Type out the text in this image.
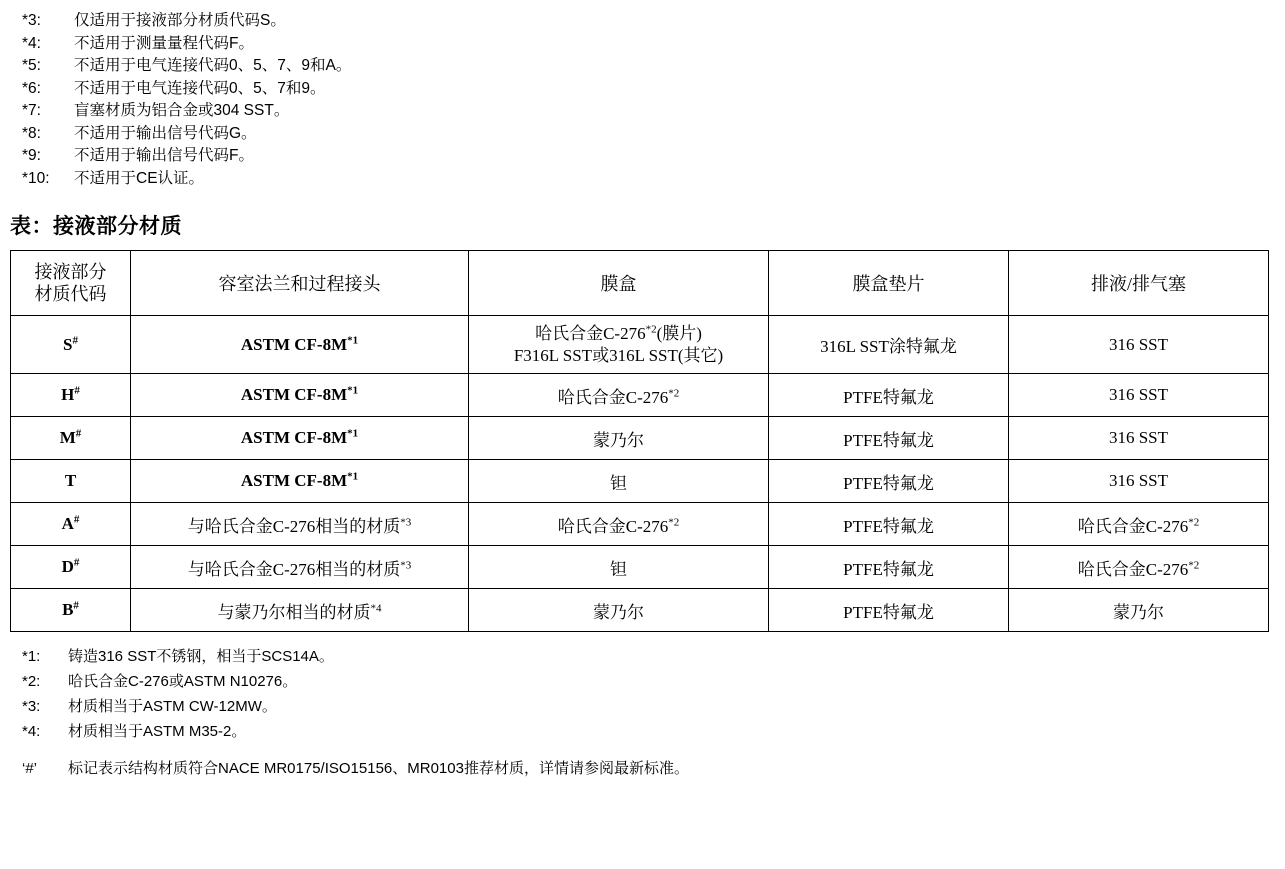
*3:	仅适用于接液部分材质代码S。
*4:	不适用于测量量程代码F。
*5:	不适用于电气连接代码0、5、7、9和A。
*6:	不适用于电气连接代码0、5、7和9。
*7:	盲塞材质为铝合金或304 SST。
*8:	不适用于输出信号代码G。
*9:	不适用于输出信号代码F。
*10:	不适用于CE认证。
表：接液部分材质
接液部分
材质代码	容室法兰和过程接头	膜盒	膜盒垫片	排液/排气塞
S#	ASTM $CF-8M^{*1}$	哈氏合金C-276$^{*2}$(膜片)
F316L SST或316L SST(其它)	316L SST涂特氟龙	316 SST
H#	ASTM $CF-8M^{*1}$	哈氏合金C-276$^{*2}$	PTFE特氟龙	316 SST
M#	ASTM $CF-8M^{*1}$	蒙乃尔	PTFE特氟龙	316 SST
T	ASTM $CF-8M^{*1}$	钽	PTFE特氟龙	316 SST
A#	与哈氏合金C-276相当的材质$^{*3}$	哈氏合金C-276$^{*2}$	PTFE特氟龙	哈氏合金C-276$^{*2}$
D#	与哈氏合金C-276相当的材质$^{*3}$	钽	PTFE特氟龙	哈氏合金C-276$^{*2}$
B#	与蒙乃尔相当的材质$^{*4}$	蒙乃尔	PTFE特氟龙	蒙乃尔
*1:	铸造316 SST不锈钢，相当于SCS14A。
*2:	哈氏合金C-276或ASTM N10276。
*3:	材质相当于ASTM CW-12MW。
*4:	材质相当于ASTM M35-2。
‘#’	标记表示结构材质符合NACE MR0175/ISO15156、MR0103推荐材质，详情请参阅最新标准。
